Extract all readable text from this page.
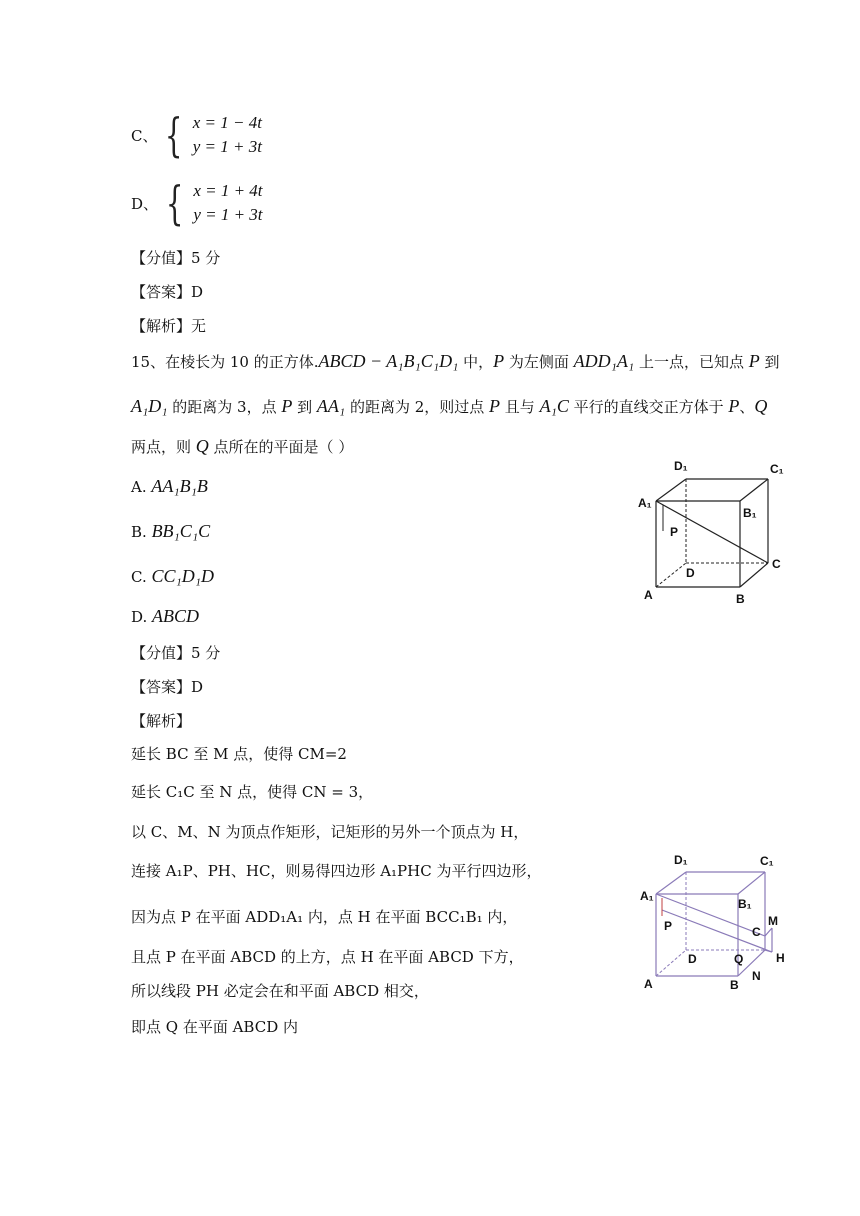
C、 { x = 1 − 4t
y = 1 + 3t
D、 { x = 1 + 4t
y = 1 + 3t
【分值】5 分
【答案】D
【解析】无
15、在棱长为 10 的正方体.ABCD − A₁B₁C₁D₁ 中，P 为左侧面 ADD₁A₁ 上一点，已知点 P 到
A₁D₁ 的距离为 3，点 P 到 AA₁ 的距离为 2，则过点 P 且与 A₁C 平行的直线交正方体于 P、Q
两点，则 Q 点所在的平面是（ ）
A. AA₁B₁B
B. BB₁C₁C
C. CC₁D₁D
D. ABCD
【分值】5 分
【答案】D
【解析】
延长 BC 至 M 点，使得 CM=2
延长 C₁C 至 N 点，使得 CN = 3，
以 C、M、N 为顶点作矩形，记矩形的另外一个顶点为 H，
连接 A₁P、PH、HC，则易得四边形 A₁PHC 为平行四边形，
因为点 P 在平面 ADD₁A₁ 内，点 H 在平面 BCC₁B₁ 内，
且点 P 在平面 ABCD 的上方，点 H 在平面 ABCD 下方，
所以线段 PH 必定会在和平面 ABCD 相交，
即点 Q 在平面 ABCD 内
D₁	C₁
A₁
B₁
P
D
C
A	B
D₁	C₁
A₁
B₁
P
D
C
M
Q	H
A	B
N
